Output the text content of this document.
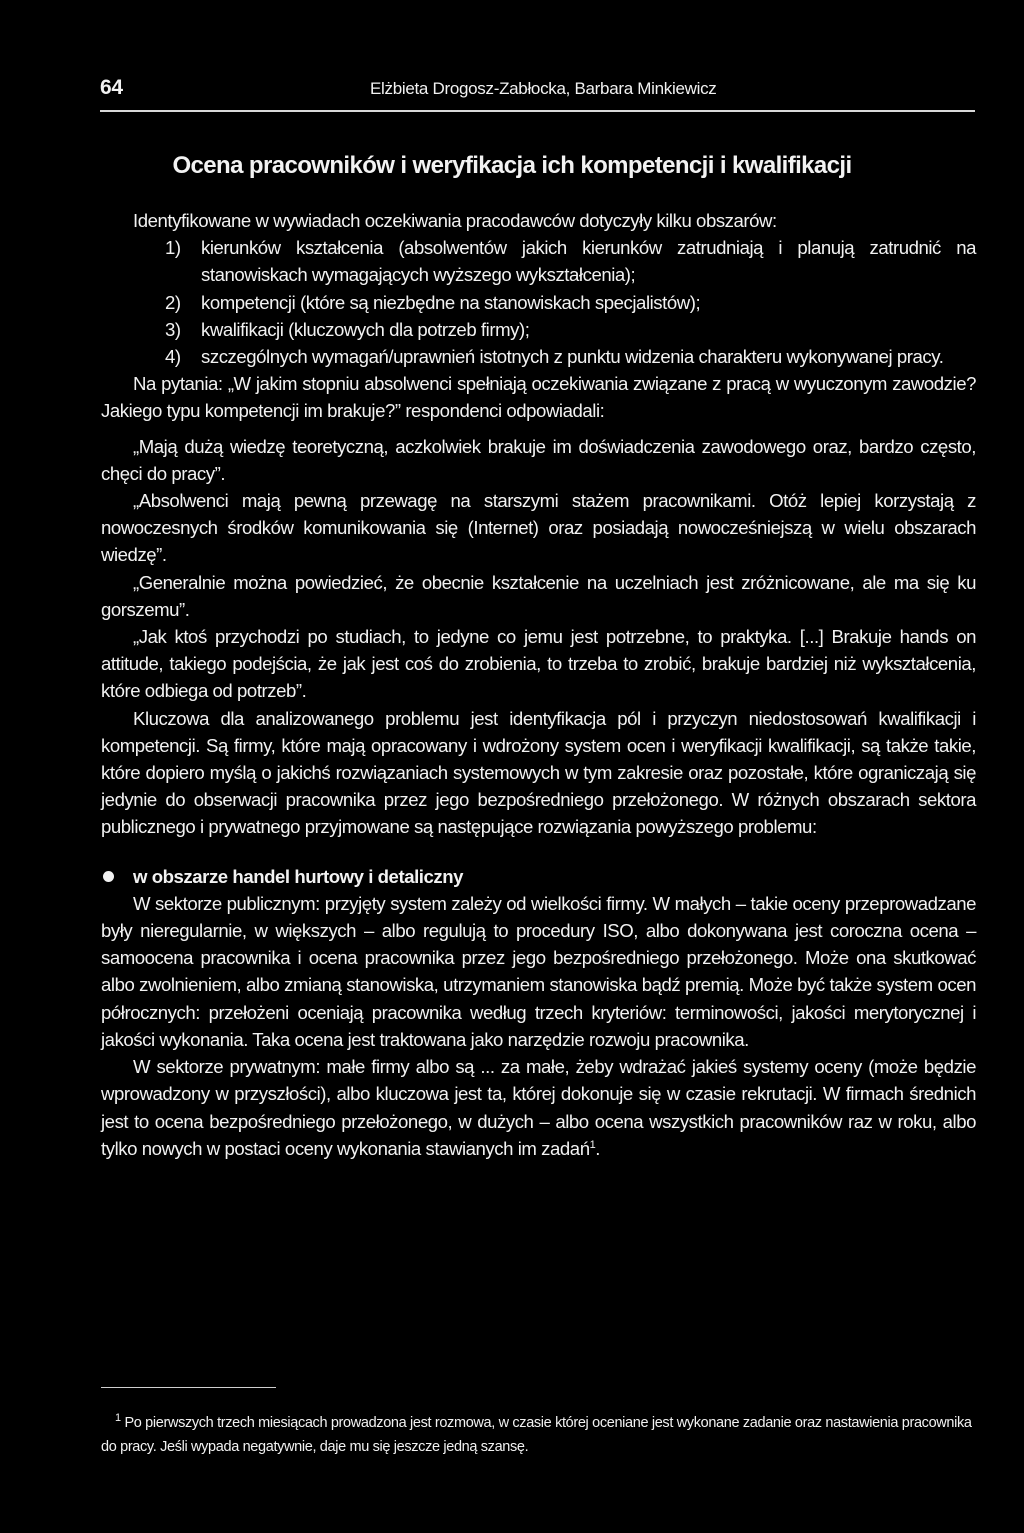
64	Elżbieta Drogosz-Zabłocka, Barbara Minkiewicz
Ocena pracowników i weryfikacja ich kompetencji i kwalifikacji

Identyfikowane w wywiadach oczekiwania pracodawców dotyczyły kilku obszarów:

1)	kierunków kształcenia (absolwentów jakich kierunków zatrudniają i planują zatrudnić na stanowiskach wymagających wyższego wykształcenia);
2)	kompetencji (które są niezbędne na stanowiskach specjalistów);
3)	kwalifikacji (kluczowych dla potrzeb firmy);
4)	szczególnych wymagań/uprawnień istotnych z punktu widzenia charakteru wykonywanej pracy.

Na pytania: „W jakim stopniu absolwenci spełniają oczekiwania związane z pracą w wyuczonym zawodzie? Jakiego typu kompetencji im brakuje?” respondenci odpowiadali:

„Mają dużą wiedzę teoretyczną, aczkolwiek brakuje im doświadczenia zawodowego oraz, bardzo często, chęci do pracy”.

„Absolwenci mają pewną przewagę na starszymi stażem pracownikami. Otóż lepiej korzystają z nowoczesnych środków komunikowania się (Internet) oraz posiadają nowocześniejszą w wielu obszarach wiedzę”.

„Generalnie można powiedzieć, że obecnie kształcenie na uczelniach jest zróżnicowane, ale ma się ku gorszemu”.

„Jak ktoś przychodzi po studiach, to jedyne co jemu jest potrzebne, to praktyka. [...] Brakuje hands on attitude, takiego podejścia, że jak jest coś do zrobienia, to trzeba to zrobić, brakuje bardziej niż wykształcenia, które odbiega od potrzeb”.

Kluczowa dla analizowanego problemu jest identyfikacja pól i przyczyn niedostosowań kwalifikacji i kompetencji. Są firmy, które mają opracowany i wdrożony system ocen i weryfikacji kwalifikacji, są także takie, które dopiero myślą o jakichś rozwiązaniach systemowych w tym zakresie oraz pozostałe, które ograniczają się jedynie do obserwacji pracownika przez jego bezpośredniego przełożonego. W różnych obszarach sektora publicznego i prywatnego przyjmowane są następujące rozwiązania powyższego problemu:

w obszarze handel hurtowy i detaliczny

W sektorze publicznym: przyjęty system zależy od wielkości firmy. W małych – takie oceny przeprowadzane były nieregularnie, w większych – albo regulują to procedury ISO, albo dokonywana jest coroczna ocena – samoocena pracownika i ocena pracownika przez jego bezpośredniego przełożonego. Może ona skutkować albo zwolnieniem, albo zmianą stanowiska, utrzymaniem stanowiska bądź premią. Może być także system ocen półrocznych: przełożeni oceniają pracownika według trzech kryteriów: terminowości, jakości merytorycznej i jakości wykonania. Taka ocena jest traktowana jako narzędzie rozwoju pracownika.

W sektorze prywatnym: małe firmy albo są ... za małe, żeby wdrażać jakieś systemy oceny (może będzie wprowadzony w przyszłości), albo kluczowa jest ta, której dokonuje się w czasie rekrutacji. W firmach średnich jest to ocena bezpośredniego przełożonego, w dużych – albo ocena wszystkich pracowników raz w roku, albo tylko nowych w postaci oceny wykonania stawianych im zadań$^1$.

$^1$ Po pierwszych trzech miesiącach prowadzona jest rozmowa, w czasie której oceniane jest wykonane zadanie oraz nastawienia pracownika do pracy. Jeśli wypada negatywnie, daje mu się jeszcze jedną szansę.
